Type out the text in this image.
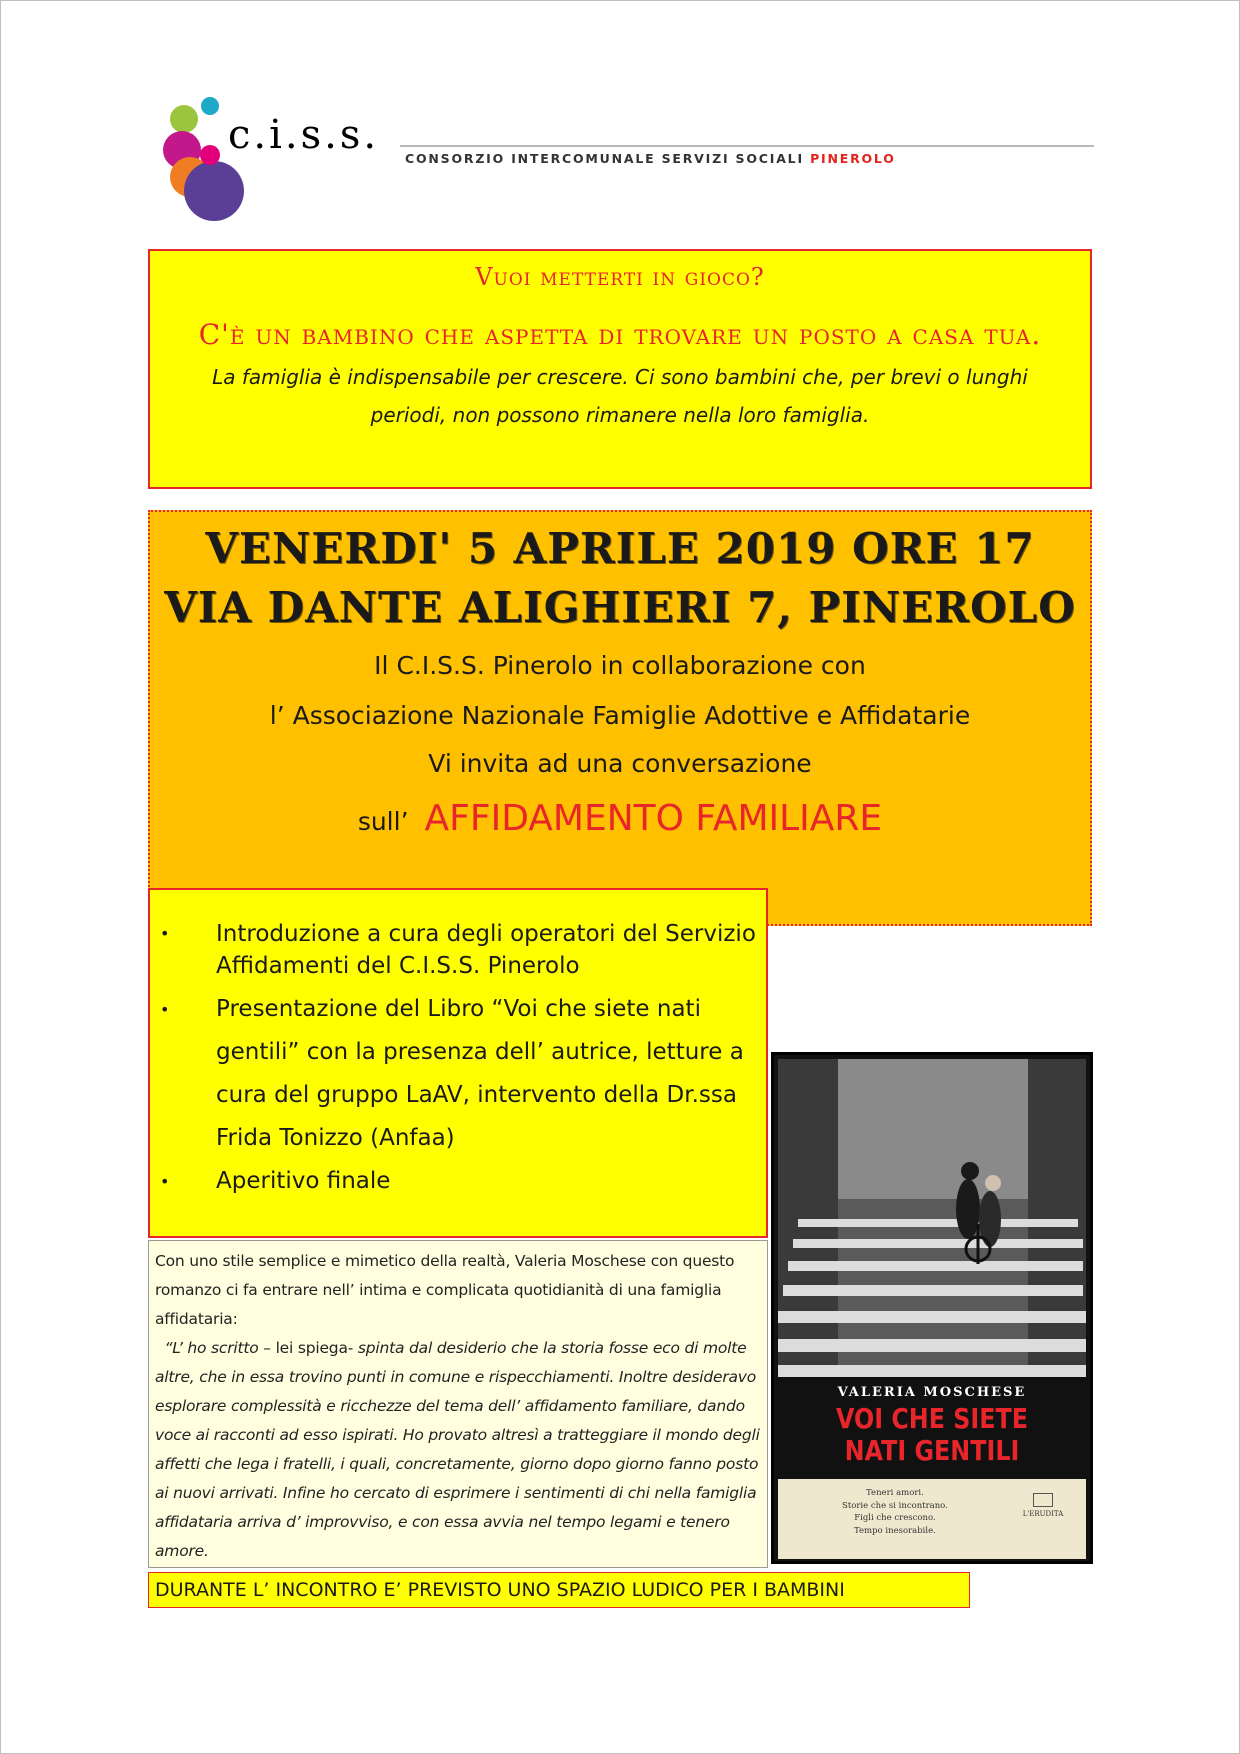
c.i.s.s.
CONSORZIO INTERCOMUNALE SERVIZI SOCIALI PINEROLO
Vuoi metterti in gioco?
C'è un bambino che aspetta di trovare un posto a casa tua.
La famiglia è indispensabile per crescere. Ci sono bambini che, per brevi o lunghi periodi, non possono rimanere nella loro famiglia.
VENERDI' 5 APRILE 2019 ORE 17
VIA DANTE ALIGHIERI 7, PINEROLO
Il C.I.S.S. Pinerolo in collaborazione con
l’ Associazione Nazionale Famiglie Adottive e Affidatarie
Vi invita ad una conversazione
sull’ AFFIDAMENTO FAMILIARE
• Introduzione a cura degli operatori del Servizio Affidamenti del C.I.S.S. Pinerolo
• Presentazione del Libro “Voi che siete nati gentili” con la presenza dell’ autrice, letture a cura del gruppo LaAV, intervento della Dr.ssa Frida Tonizzo (Anfaa)
• Aperitivo finale
VALERIA MOSCHESE
VOI CHE SIETE
NATI GENTILI
Teneri amori.
Storie che si incontrano.
Figli che crescono.
Tempo inesorabile.
L'ERUDITA
Con uno stile semplice e mimetico della realtà, Valeria Moschese con questo romanzo ci fa entrare nell’ intima e complicata quotidianità di una famiglia affidataria:
“L’ ho scritto – lei spiega- spinta dal desiderio che la storia fosse eco di molte altre, che in essa trovino punti in comune e rispecchiamenti. Inoltre desideravo esplorare complessità e ricchezze del tema dell’ affidamento familiare, dando voce ai racconti ad esso ispirati. Ho provato altresì a tratteggiare il mondo degli affetti che lega i fratelli, i quali, concretamente, giorno dopo giorno fanno posto ai nuovi arrivati. Infine ho cercato di esprimere i sentimenti di chi nella famiglia affidataria arriva d’ improvviso, e con essa avvia nel tempo legami e tenero amore.
DURANTE L’ INCONTRO E’ PREVISTO UNO SPAZIO LUDICO PER I BAMBINI
